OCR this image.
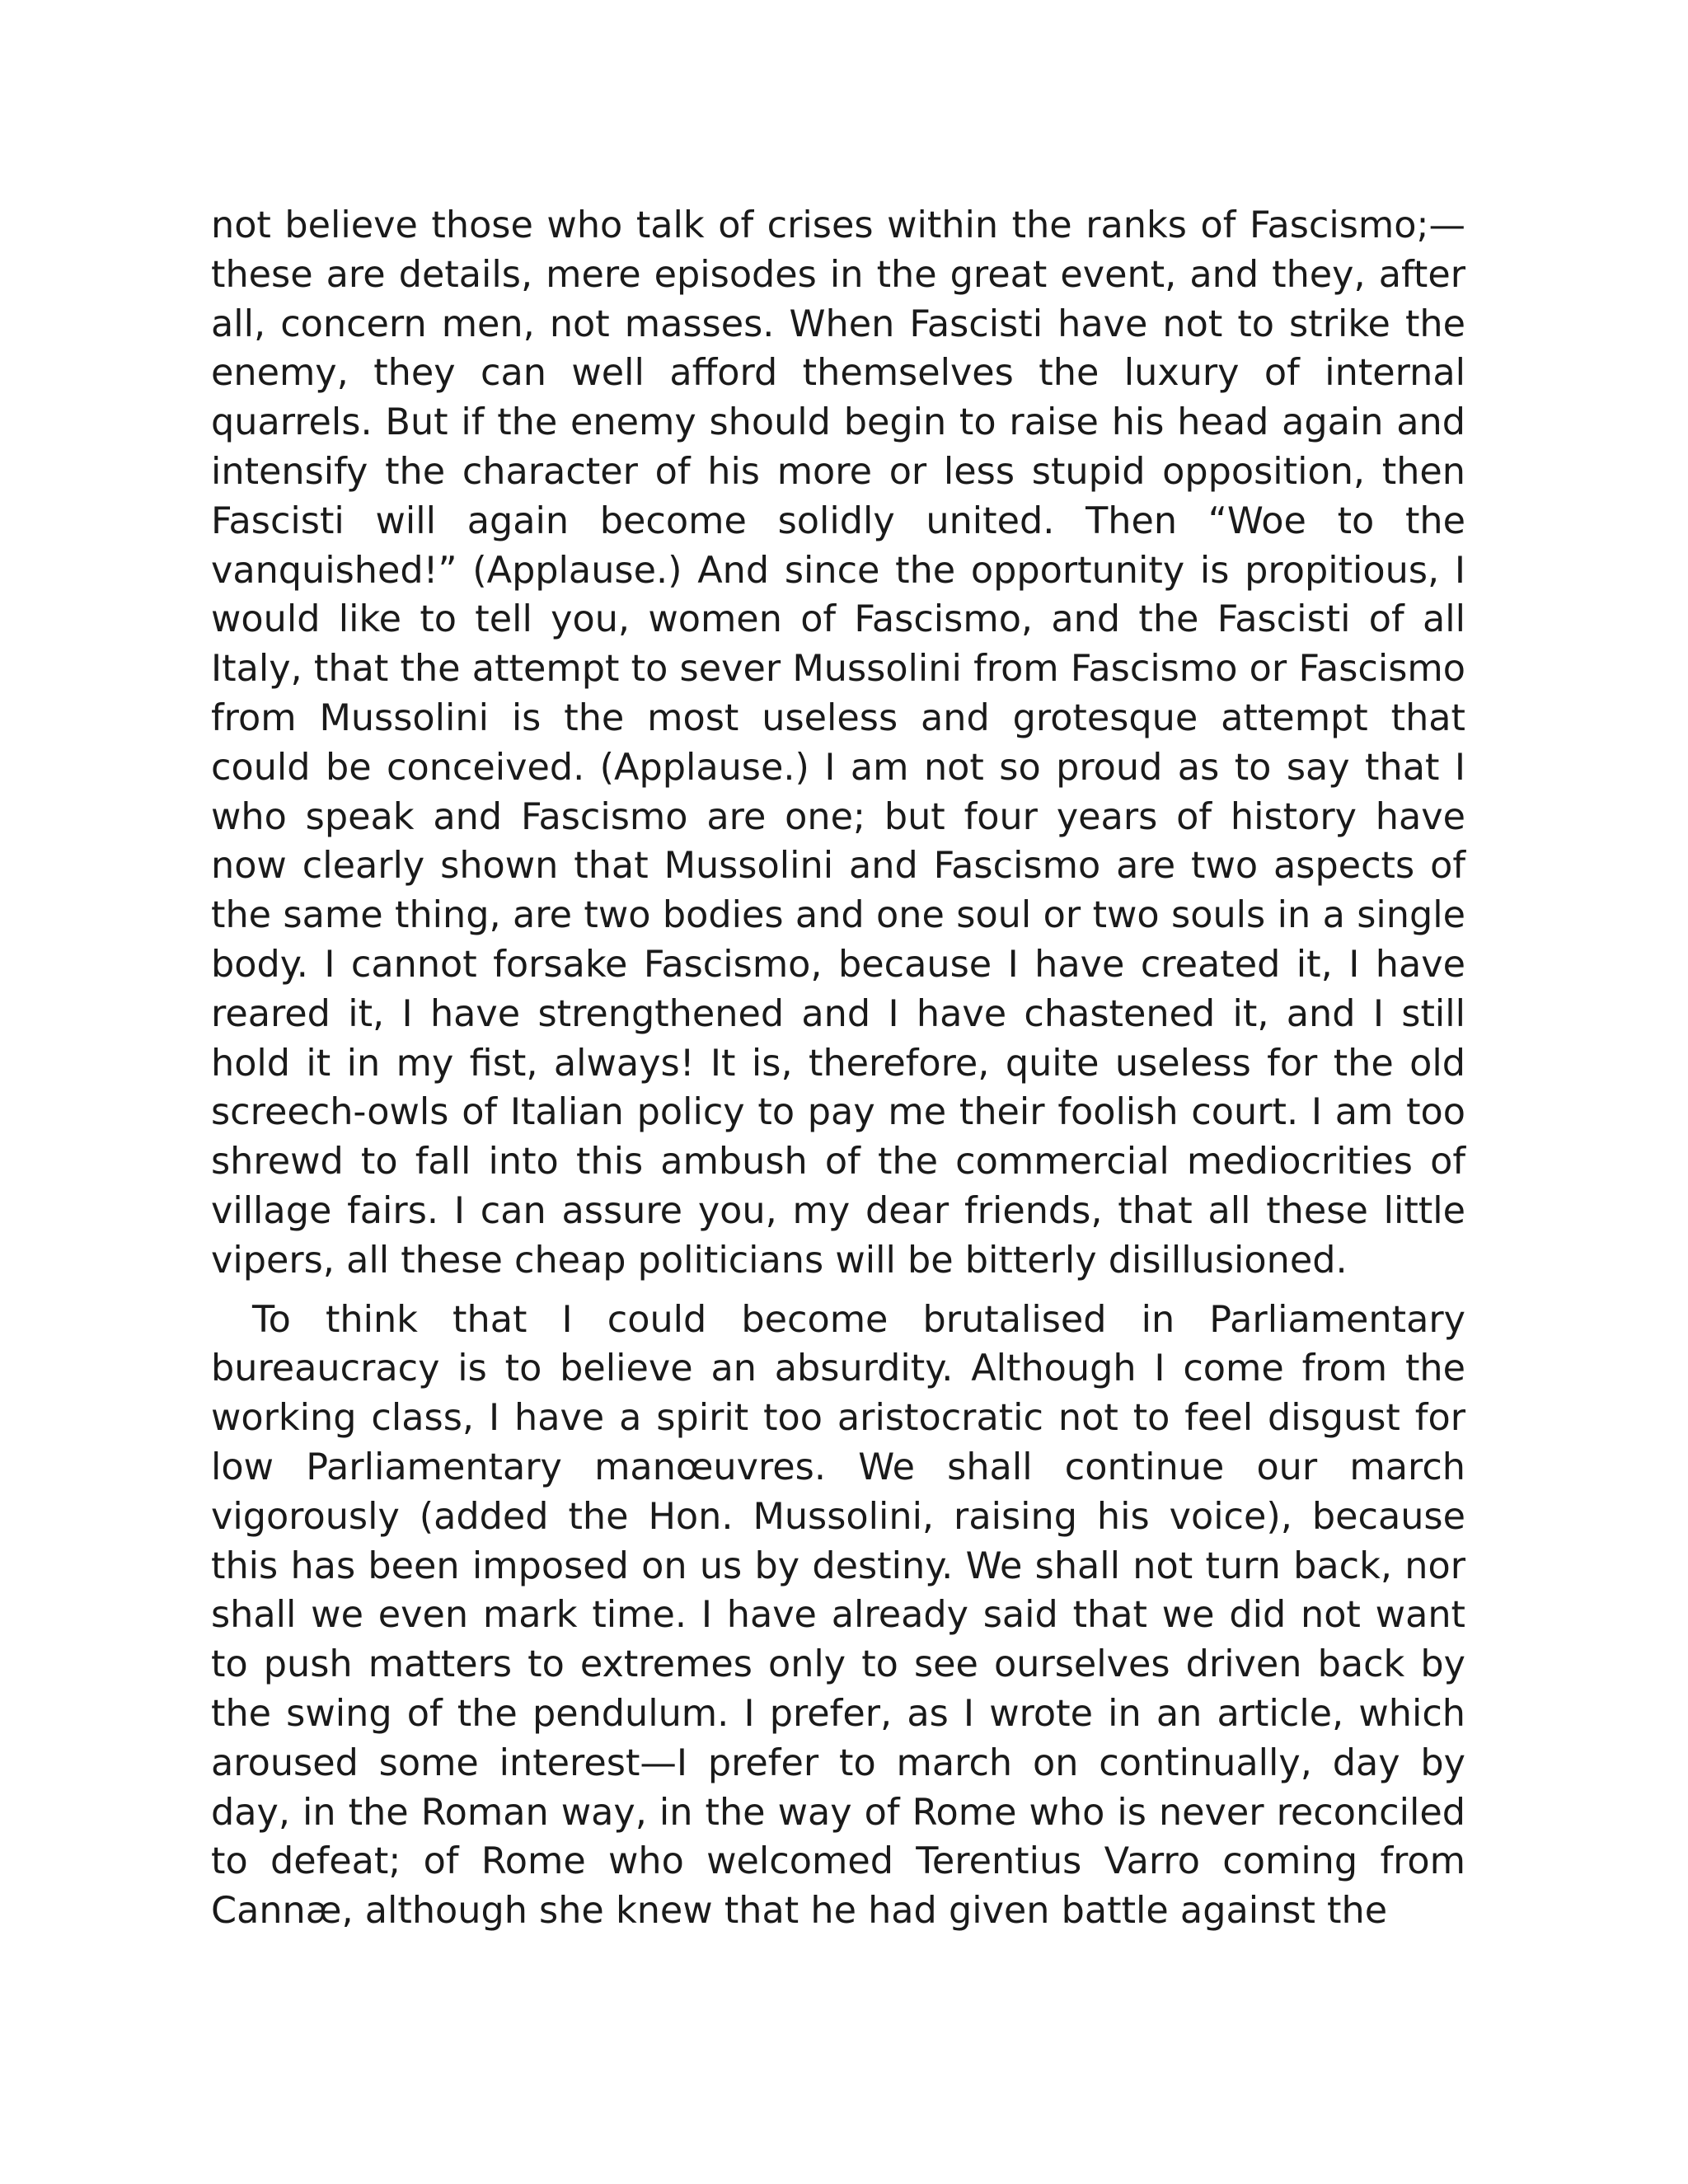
not believe those who talk of crises within the ranks of Fascismo;—these are details, mere episodes in the great event, and they, after all, concern men, not masses. When Fascisti have not to strike the enemy, they can well afford themselves the luxury of internal quarrels. But if the enemy should begin to raise his head again and intensify the character of his more or less stupid opposition, then Fascisti will again become solidly united. Then “Woe to the vanquished!” (Applause.) And since the opportunity is propitious, I would like to tell you, women of Fascismo, and the Fascisti of all Italy, that the attempt to sever Mussolini from Fascismo or Fascismo from Mussolini is the most useless and grotesque attempt that could be conceived. (Applause.) I am not so proud as to say that I who speak and Fascismo are one; but four years of history have now clearly shown that Mussolini and Fascismo are two aspects of the same thing, are two bodies and one soul or two souls in a single body. I cannot forsake Fascismo, because I have created it, I have reared it, I have strengthened and I have chastened it, and I still hold it in my fist, always! It is, therefore, quite useless for the old screech-owls of Italian policy to pay me their foolish court. I am too shrewd to fall into this ambush of the commercial mediocrities of village fairs. I can assure you, my dear friends, that all these little vipers, all these cheap politicians will be bitterly disillusioned.

To think that I could become brutalised in Parliamentary bureaucracy is to believe an absurdity. Although I come from the working class, I have a spirit too aristocratic not to feel disgust for low Parliamentary manœuvres. We shall continue our march vigorously (added the Hon. Mussolini, raising his voice), because this has been imposed on us by destiny. We shall not turn back, nor shall we even mark time. I have already said that we did not want to push matters to extremes only to see ourselves driven back by the swing of the pendulum. I prefer, as I wrote in an article, which aroused some interest—I prefer to march on continually, day by day, in the Roman way, in the way of Rome who is never reconciled to defeat; of Rome who welcomed Terentius Varro coming from Cannæ, although she knew that he had given battle against the
